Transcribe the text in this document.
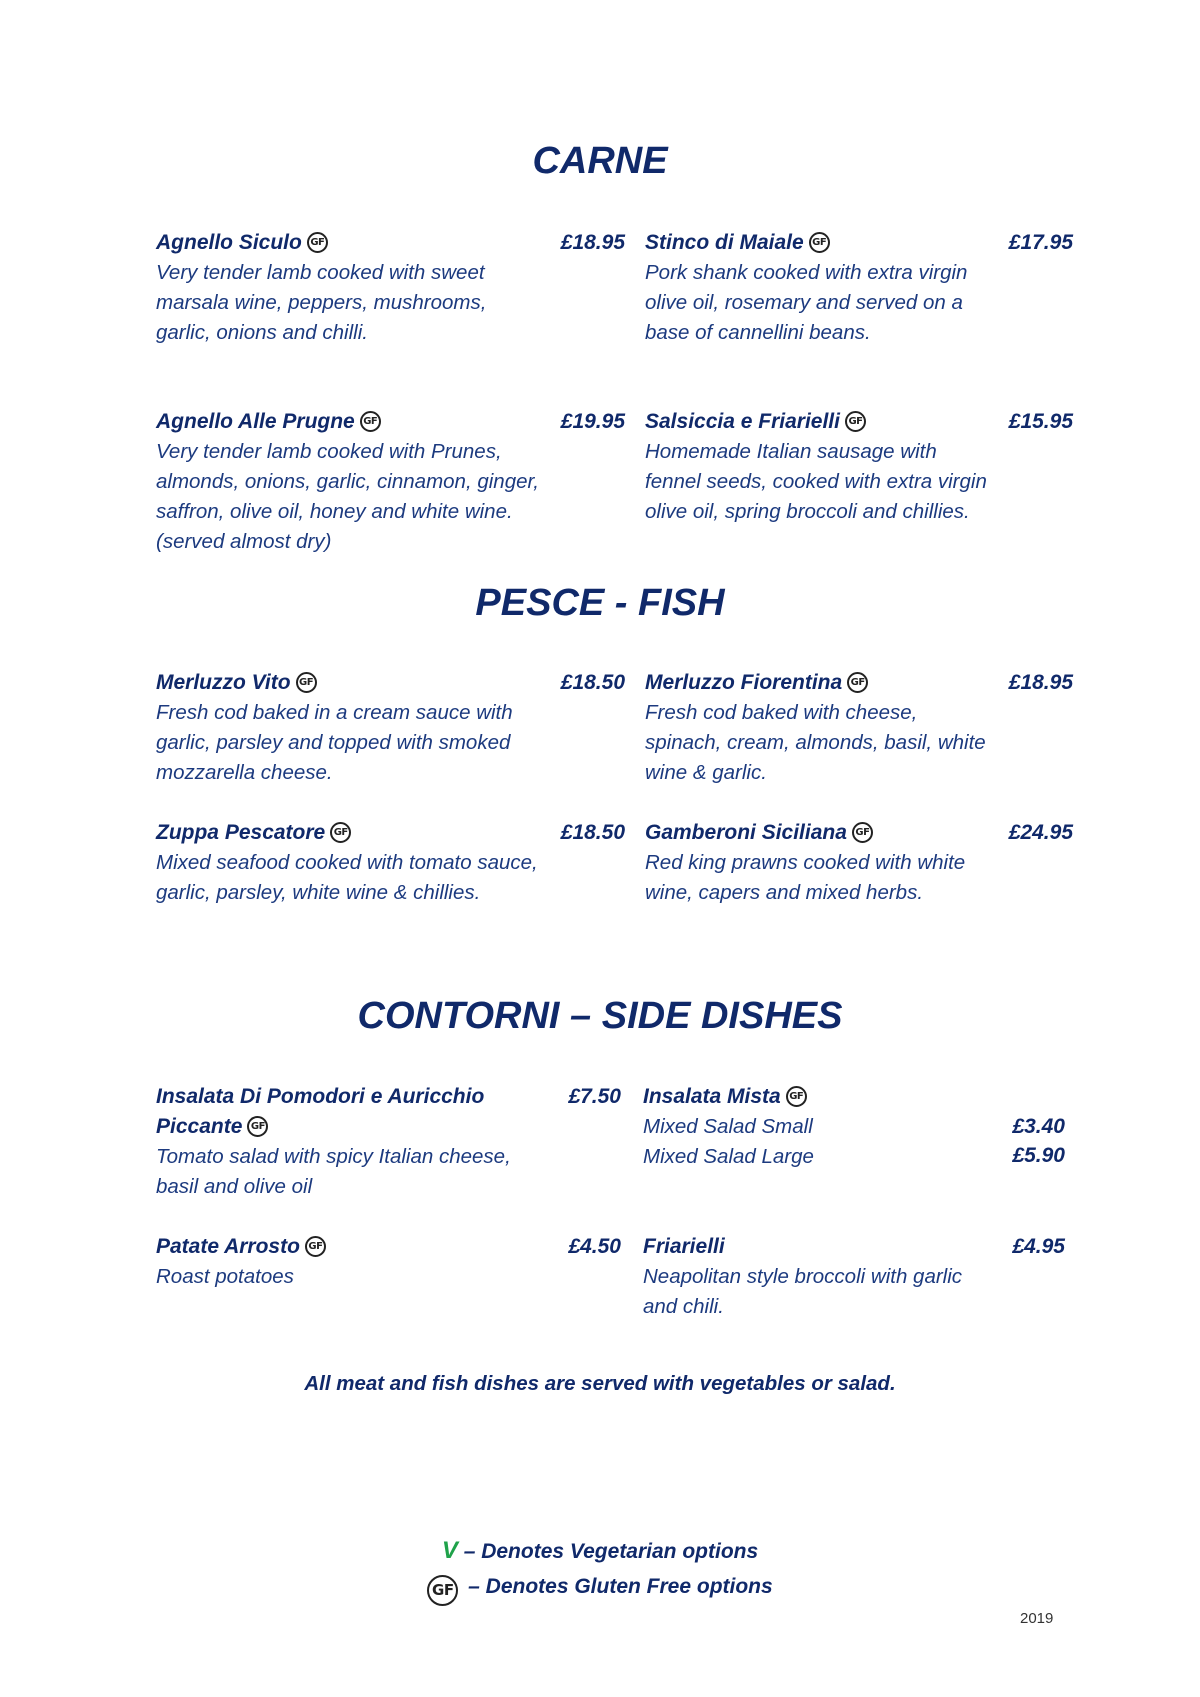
CARNE
Agnello Siculo GF
Very tender lamb cooked with sweet marsala wine, peppers, mushrooms, garlic, onions and chilli.
£18.95 Stinco di Maiale GF
Pork shank cooked with extra virgin olive oil, rosemary and served on a base of cannellini beans.
£17.95
Agnello Alle Prugne GF
Very tender lamb cooked with Prunes, almonds, onions, garlic, cinnamon, ginger, saffron, olive oil, honey and white wine. (served almost dry)
£19.95 Salsiccia e Friarielli GF
Homemade Italian sausage with fennel seeds, cooked with extra virgin olive oil, spring broccoli and chillies.
£15.95
PESCE - FISH
Merluzzo Vito GF
Fresh cod baked in a cream sauce with garlic, parsley and topped with smoked mozzarella cheese.
£18.50 Merluzzo Fiorentina GF
Fresh cod baked with cheese, spinach, cream, almonds, basil, white wine & garlic.
£18.95
Zuppa Pescatore GF
Mixed seafood cooked with tomato sauce, garlic, parsley, white wine & chillies.
£18.50 Gamberoni Siciliana GF
Red king prawns cooked with white wine, capers and mixed herbs.
£24.95
CONTORNI – SIDE DISHES
Insalata Di Pomodori e Auricchio Piccante GF
Tomato salad with spicy Italian cheese, basil and olive oil
£7.50 Insalata Mista GF
Mixed Salad Small
Mixed Salad Large
£3.40
£5.90
Patate Arrosto GF
Roast potatoes
£4.50 Friarielli
Neapolitan style broccoli with garlic and chili.
£4.95
All meat and fish dishes are served with vegetables or salad.
V – Denotes Vegetarian options
GF – Denotes Gluten Free options
2019
